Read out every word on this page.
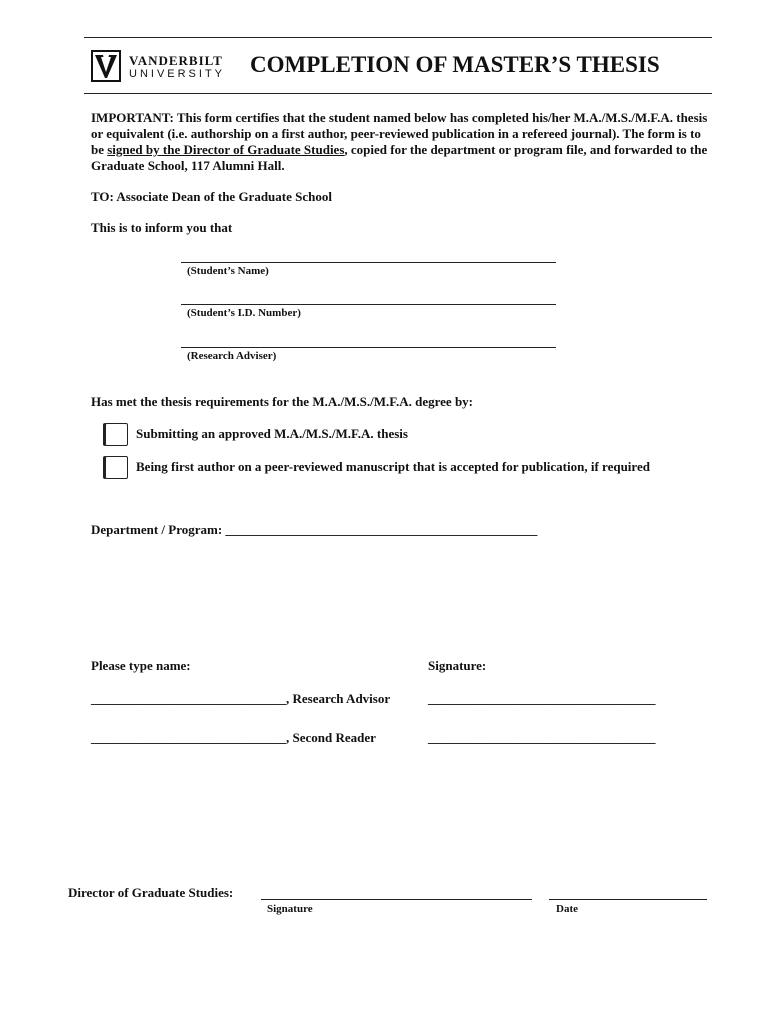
VANDERBILT
UNIVERSITY COMPLETION OF MASTER’S THESIS
IMPORTANT: This form certifies that the student named below has completed his/her M.A./M.S./M.F.A. thesis or equivalent (i.e. authorship on a first author, peer-reviewed publication in a refereed journal). The form is to be signed by the Director of Graduate Studies, copied for the department or program file, and forwarded to the Graduate School, 117 Alumni Hall.
TO: Associate Dean of the Graduate School
This is to inform you that
(Student’s Name)
(Student’s I.D. Number)
(Research Adviser)
Has met the thesis requirements for the M.A./M.S./M.F.A. degree by:
Submitting an approved M.A./M.S./M.F.A. thesis
Being first author on a peer-reviewed manuscript that is accepted for publication, if required
Department / Program: ________________________________________________
Please type name:	Signature:
______________________________, Research Advisor	___________________________________
______________________________, Second Reader	___________________________________
Director of Graduate Studies:
Signature	Date
